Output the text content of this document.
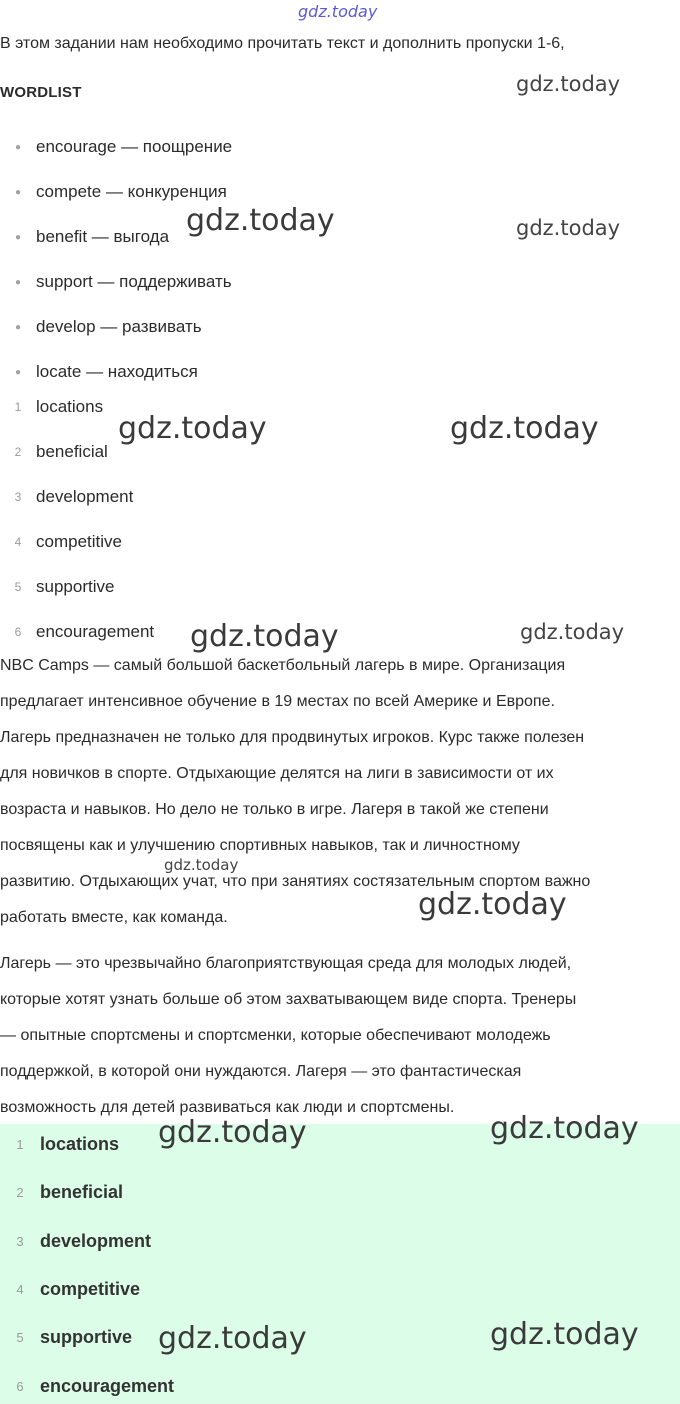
gdz.today
В этом задании нам необходимо прочитать текст и дополнить пропуски 1-6,
WORDLIST
● encourage — поощрение
● compete — конкуренция
● benefit — выгода
● support — поддерживать
● develop — развивать
● locate — находиться
1 locations
2 beneficial
3 development
4 competitive
5 supportive
6 encouragement
NBC Camps — самый большой баскетбольный лагерь в мире. Организация
предлагает интенсивное обучение в 19 местах по всей Америке и Европе.
Лагерь предназначен не только для продвинутых игроков. Курс также полезен
для новичков в спорте. Отдыхающие делятся на лиги в зависимости от их
возраста и навыков. Но дело не только в игре. Лагеря в такой же степени
посвящены как и улучшению спортивных навыков, так и личностному
развитию. Отдыхающих учат, что при занятиях состязательным спортом важно
работать вместе, как команда.
Лагерь — это чрезвычайно благоприятствующая среда для молодых людей,
которые хотят узнать больше об этом захватывающем виде спорта. Тренеры
— опытные спортсмены и спортсменки, которые обеспечивают молодежь
поддержкой, в которой они нуждаются. Лагеря — это фантастическая
возможность для детей развиваться как люди и спортсмены.
1 locations
2 beneficial
3 development
4 competitive
5 supportive
6 encouragement
gdz.today
gdz.today	gdz.today
gdz.today	gdz.today
gdz.today	gdz.today
gdz.today
gdz.today
gdz.today	gdz.today
gdz.today	gdz.today
